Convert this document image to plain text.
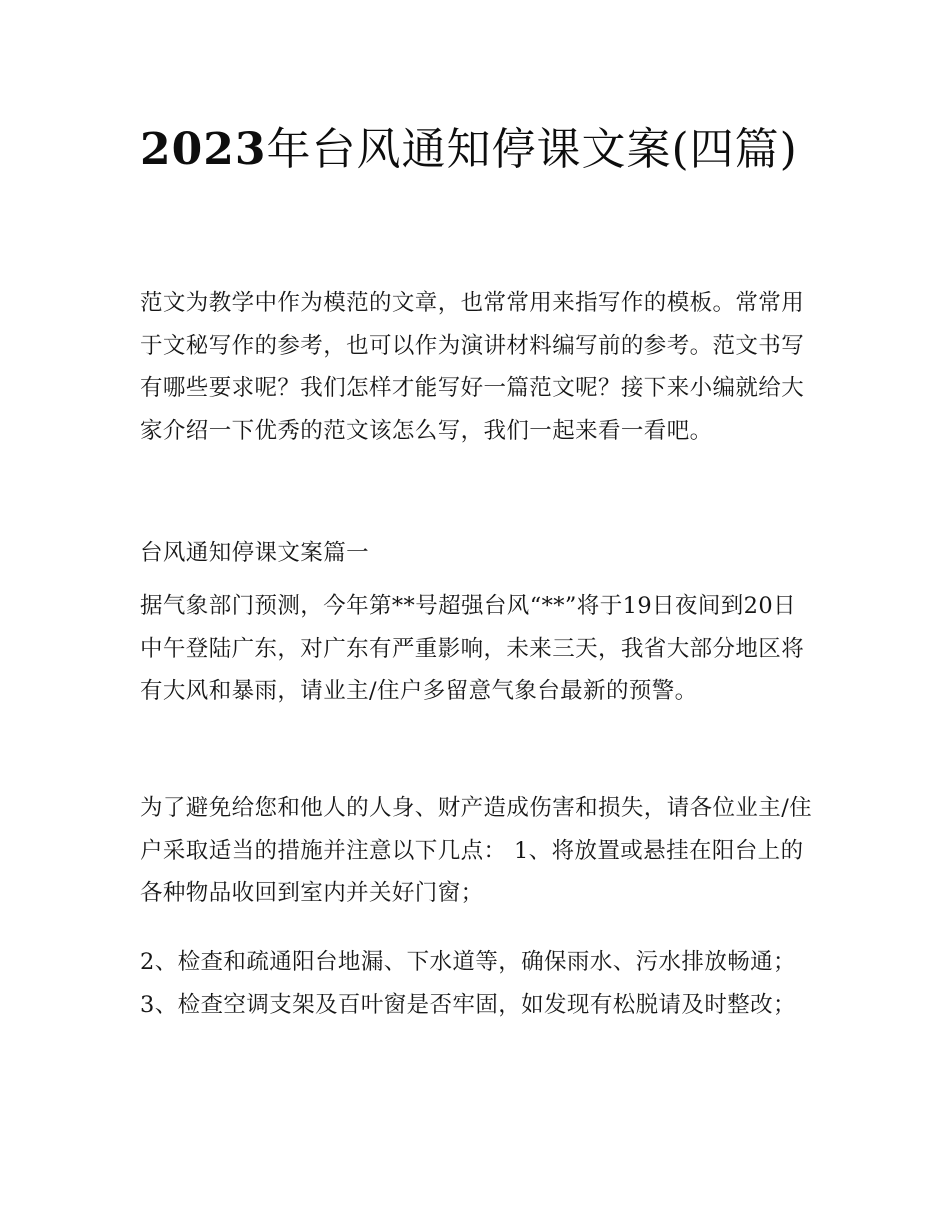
2023年台风通知停课文案(四篇)

范文为教学中作为模范的文章，也常常用来指写作的模板。常常用于文秘写作的参考，也可以作为演讲材料编写前的参考。范文书写有哪些要求呢？我们怎样才能写好一篇范文呢？接下来小编就给大家介绍一下优秀的范文该怎么写，我们一起来看一看吧。

台风通知停课文案篇一

据气象部门预测，今年第**号超强台风“**”将于19日夜间到20日中午登陆广东，对广东有严重影响，未来三天，我省大部分地区将有大风和暴雨，请业主/住户多留意气象台最新的预警。

为了避免给您和他人的人身、财产造成伤害和损失，请各位业主/住户采取适当的措施并注意以下几点： 1、将放置或悬挂在阳台上的各种物品收回到室内并关好门窗；

2、检查和疏通阳台地漏、下水道等，确保雨水、污水排放畅通； 3、检查空调支架及百叶窗是否牢固，如发现有松脱请及时整改；
